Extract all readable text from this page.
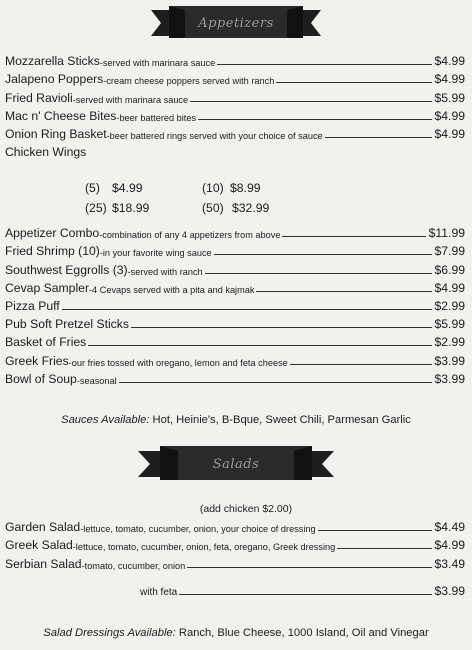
Appetizers
Mozzarella Sticks -served with marinara sauce	$4.99
Jalapeno Poppers -cream cheese poppers served with ranch	$4.99
Fried Ravioli -served with marinara sauce	$5.99
Mac n' Cheese Bites -beer battered bites	$4.99
Onion Ring Basket -beer battered rings served with your choice of sauce	$4.99
Chicken Wings
(5) $4.99	(10) $8.99
(25) $18.99	(50) $32.99
Appetizer Combo -combination of any 4 appetizers from above	$11.99
Fried Shrimp (10) -in your favorite wing sauce	$7.99
Southwest Eggrolls (3) -served with ranch	$6.99
Cevap Sampler -4 Cevaps served with a pita and kajmak	$4.99
Pizza Puff	$2.99
Pub Soft Pretzel Sticks	$5.99
Basket of Fries	$2.99
Greek Fries -our fries tossed with oregano, lemon and feta cheese	$3.99
Bowl of Soup -seasonal	$3.99
Sauces Available: Hot, Heinie's, B-Bque, Sweet Chili, Parmesan Garlic
Salads
(add chicken $2.00)
Garden Salad -lettuce, tomato, cucumber, onion, your choice of dressing	$4.49
Greek Salad -lettuce, tomato, cucumber, onion, feta, oregano, Greek dressing	$4.99
Serbian Salad -tomato, cucumber, onion	$3.49
with feta	$3.99
Salad Dressings Available: Ranch, Blue Cheese, 1000 Island, Oil and Vinegar
